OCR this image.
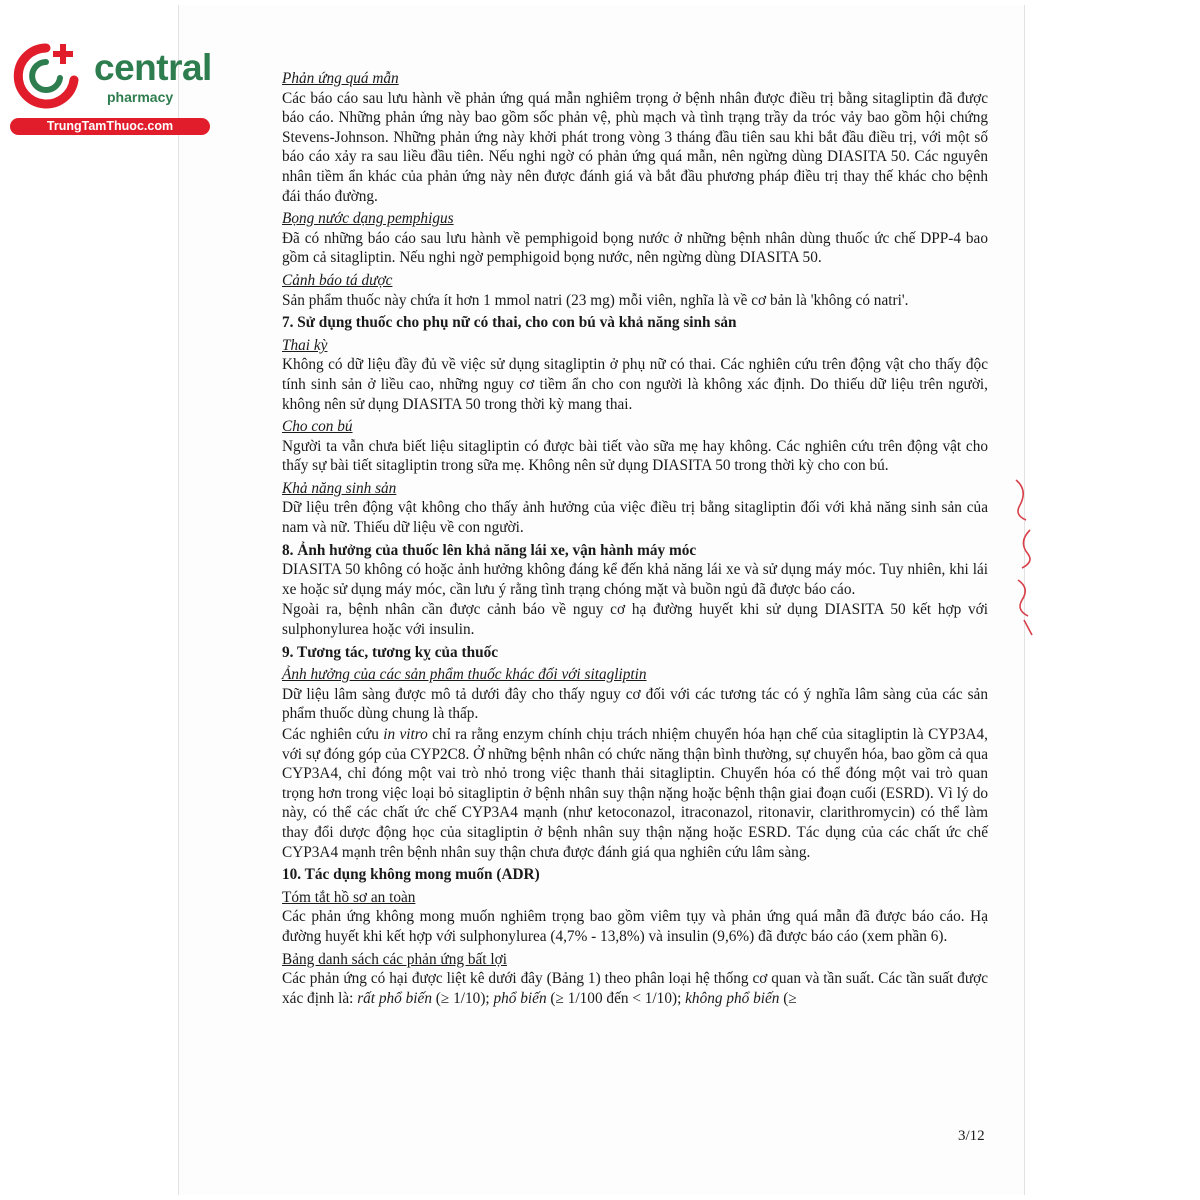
central
pharmacy
TrungTamThuoc.com

Phản ứng quá mẫn

Các báo cáo sau lưu hành về phản ứng quá mẫn nghiêm trọng ở bệnh nhân được điều trị bằng sitagliptin đã được báo cáo. Những phản ứng này bao gồm sốc phản vệ, phù mạch và tình trạng trầy da tróc vảy bao gồm hội chứng Stevens-Johnson. Những phản ứng này khởi phát trong vòng 3 tháng đầu tiên sau khi bắt đầu điều trị, với một số báo cáo xảy ra sau liều đầu tiên. Nếu nghi ngờ có phản ứng quá mẫn, nên ngừng dùng DIASITA 50. Các nguyên nhân tiềm ẩn khác của phản ứng này nên được đánh giá và bắt đầu phương pháp điều trị thay thế khác cho bệnh đái tháo đường.

Bọng nước dạng pemphigus

Đã có những báo cáo sau lưu hành về pemphigoid bọng nước ở những bệnh nhân dùng thuốc ức chế DPP-4 bao gồm cả sitagliptin. Nếu nghi ngờ pemphigoid bọng nước, nên ngừng dùng DIASITA 50.

Cảnh báo tá dược

Sản phẩm thuốc này chứa ít hơn 1 mmol natri (23 mg) mỗi viên, nghĩa là về cơ bản là 'không có natri'.

7. Sử dụng thuốc cho phụ nữ có thai, cho con bú và khả năng sinh sản

Thai kỳ

Không có dữ liệu đầy đủ về việc sử dụng sitagliptin ở phụ nữ có thai. Các nghiên cứu trên động vật cho thấy độc tính sinh sản ở liều cao, những nguy cơ tiềm ẩn cho con người là không xác định. Do thiếu dữ liệu trên người, không nên sử dụng DIASITA 50 trong thời kỳ mang thai.

Cho con bú

Người ta vẫn chưa biết liệu sitagliptin có được bài tiết vào sữa mẹ hay không. Các nghiên cứu trên động vật cho thấy sự bài tiết sitagliptin trong sữa mẹ. Không nên sử dụng DIASITA 50 trong thời kỳ cho con bú.

Khả năng sinh sản

Dữ liệu trên động vật không cho thấy ảnh hưởng của việc điều trị bằng sitagliptin đối với khả năng sinh sản của nam và nữ. Thiếu dữ liệu về con người.

8. Ảnh hưởng của thuốc lên khả năng lái xe, vận hành máy móc

DIASITA 50 không có hoặc ảnh hưởng không đáng kể đến khả năng lái xe và sử dụng máy móc. Tuy nhiên, khi lái xe hoặc sử dụng máy móc, cần lưu ý rằng tình trạng chóng mặt và buồn ngủ đã được báo cáo.

Ngoài ra, bệnh nhân cần được cảnh báo về nguy cơ hạ đường huyết khi sử dụng DIASITA 50 kết hợp với sulphonylurea hoặc với insulin.

9. Tương tác, tương kỵ của thuốc

Ảnh hưởng của các sản phẩm thuốc khác đối với sitagliptin

Dữ liệu lâm sàng được mô tả dưới đây cho thấy nguy cơ đối với các tương tác có ý nghĩa lâm sàng của các sản phẩm thuốc dùng chung là thấp.

Các nghiên cứu in vitro chỉ ra rằng enzym chính chịu trách nhiệm chuyển hóa hạn chế của sitagliptin là CYP3A4, với sự đóng góp của CYP2C8. Ở những bệnh nhân có chức năng thận bình thường, sự chuyển hóa, bao gồm cả qua CYP3A4, chỉ đóng một vai trò nhỏ trong việc thanh thải sitagliptin. Chuyển hóa có thể đóng một vai trò quan trọng hơn trong việc loại bỏ sitagliptin ở bệnh nhân suy thận nặng hoặc bệnh thận giai đoạn cuối (ESRD). Vì lý do này, có thể các chất ức chế CYP3A4 mạnh (như ketoconazol, itraconazol, ritonavir, clarithromycin) có thể làm thay đổi dược động học của sitagliptin ở bệnh nhân suy thận nặng hoặc ESRD. Tác dụng của các chất ức chế CYP3A4 mạnh trên bệnh nhân suy thận chưa được đánh giá qua nghiên cứu lâm sàng.

10. Tác dụng không mong muốn (ADR)

Tóm tắt hồ sơ an toàn

Các phản ứng không mong muốn nghiêm trọng bao gồm viêm tụy và phản ứng quá mẫn đã được báo cáo. Hạ đường huyết khi kết hợp với sulphonylurea (4,7% - 13,8%) và insulin (9,6%) đã được báo cáo (xem phần 6).

Bảng danh sách các phản ứng bất lợi

Các phản ứng có hại được liệt kê dưới đây (Bảng 1) theo phân loại hệ thống cơ quan và tần suất. Các tần suất được xác định là: rất phổ biến (≥ 1/10); phổ biến (≥ 1/100 đến < 1/10); không phổ biến (≥

3/12
